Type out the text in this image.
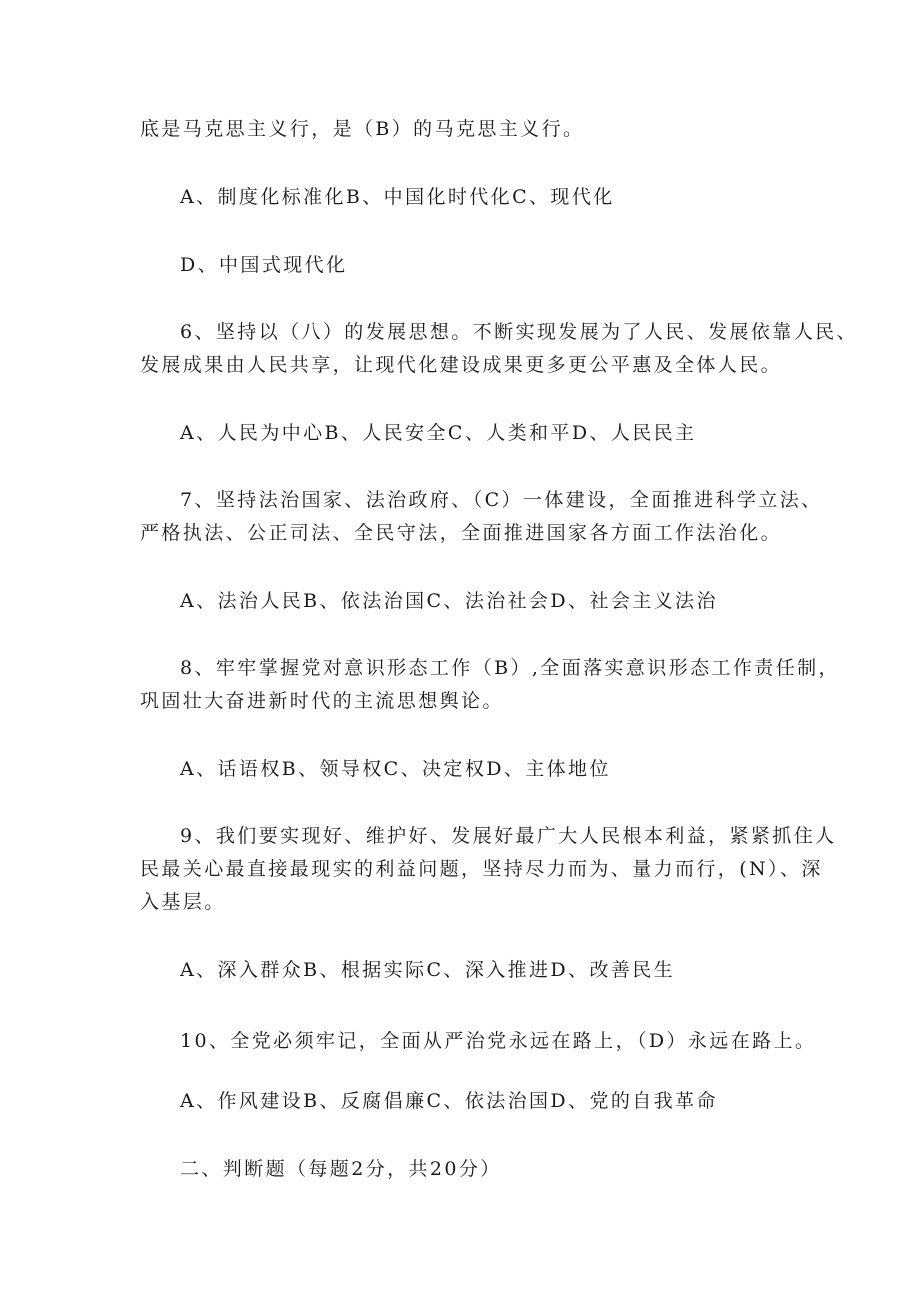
底是马克思主义行，是（B）的马克思主义行。
A、制度化标准化B、中国化时代化C、现代化
D、中国式现代化
6、坚持以（八）的发展思想。不断实现发展为了人民、发展依靠人民、
发展成果由人民共享，让现代化建设成果更多更公平惠及全体人民。
A、人民为中心B、人民安全C、人类和平D、人民民主
7、坚持法治国家、法治政府、（C）一体建设，全面推进科学立法、
严格执法、公正司法、全民守法，全面推进国家各方面工作法治化。
A、法治人民B、依法治国C、法治社会D、社会主义法治
8、牢牢掌握党对意识形态工作（B）,全面落实意识形态工作责任制，
巩固壮大奋进新时代的主流思想舆论。
A、话语权B、领导权C、决定权D、主体地位
9、我们要实现好、维护好、发展好最广大人民根本利益，紧紧抓住人
民最关心最直接最现实的利益问题，坚持尽力而为、量力而行，(N）、深
入基层。
A、深入群众B、根据实际C、深入推进D、改善民生
10、全党必须牢记，全面从严治党永远在路上，（D）永远在路上。
A、作风建设B、反腐倡廉C、依法治国D、党的自我革命
二、判断题（每题2分，共20分）
